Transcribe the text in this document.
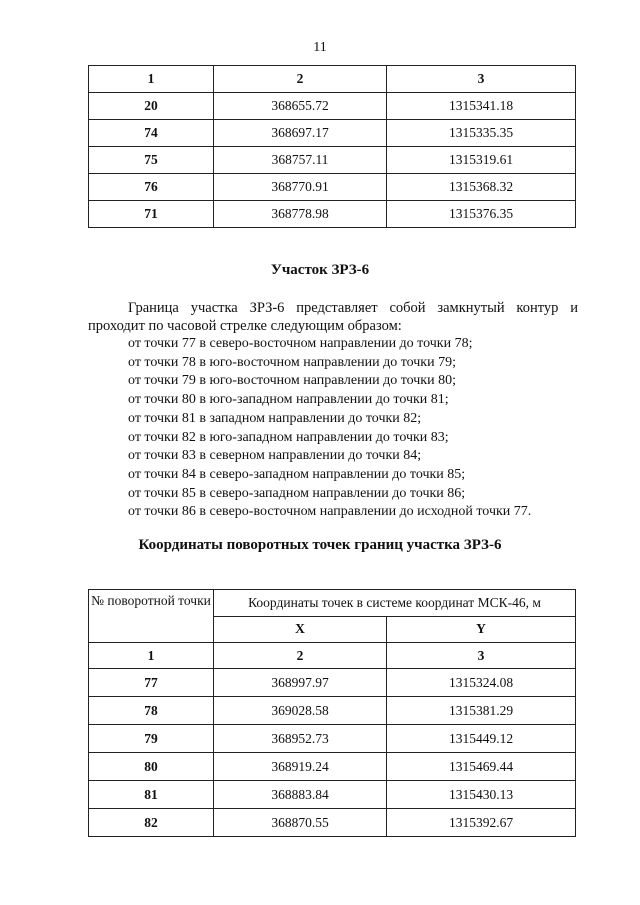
11
1	2	3
20	368655.72	1315341.18
74	368697.17	1315335.35
75	368757.11	1315319.61
76	368770.91	1315368.32
71	368778.98	1315376.35
Участок ЗРЗ-6

Граница участка ЗРЗ-6 представляет собой замкнутый контур и проходит по часовой стрелке следующим образом:

от точки 77 в северо-восточном направлении до точки 78;
от точки 78 в юго-восточном направлении до точки 79;
от точки 79 в юго-восточном направлении до точки 80;
от точки 80 в юго-западном направлении до точки 81;
от точки 81 в западном направлении до точки 82;
от точки 82 в юго-западном направлении до точки 83;
от точки 83 в северном направлении до точки 84;
от точки 84 в северо-западном направлении до точки 85;
от точки 85 в северо-западном направлении до точки 86;
от точки 86 в северо-восточном направлении до исходной точки 77.
Координаты поворотных точек границ участка ЗРЗ-6
№ поворотной точки	Координаты точек в системе координат МСК-46, м	
	X	Y
1	2	3
77	368997.97	1315324.08
78	369028.58	1315381.29
79	368952.73	1315449.12
80	368919.24	1315469.44
81	368883.84	1315430.13
82	368870.55	1315392.67
